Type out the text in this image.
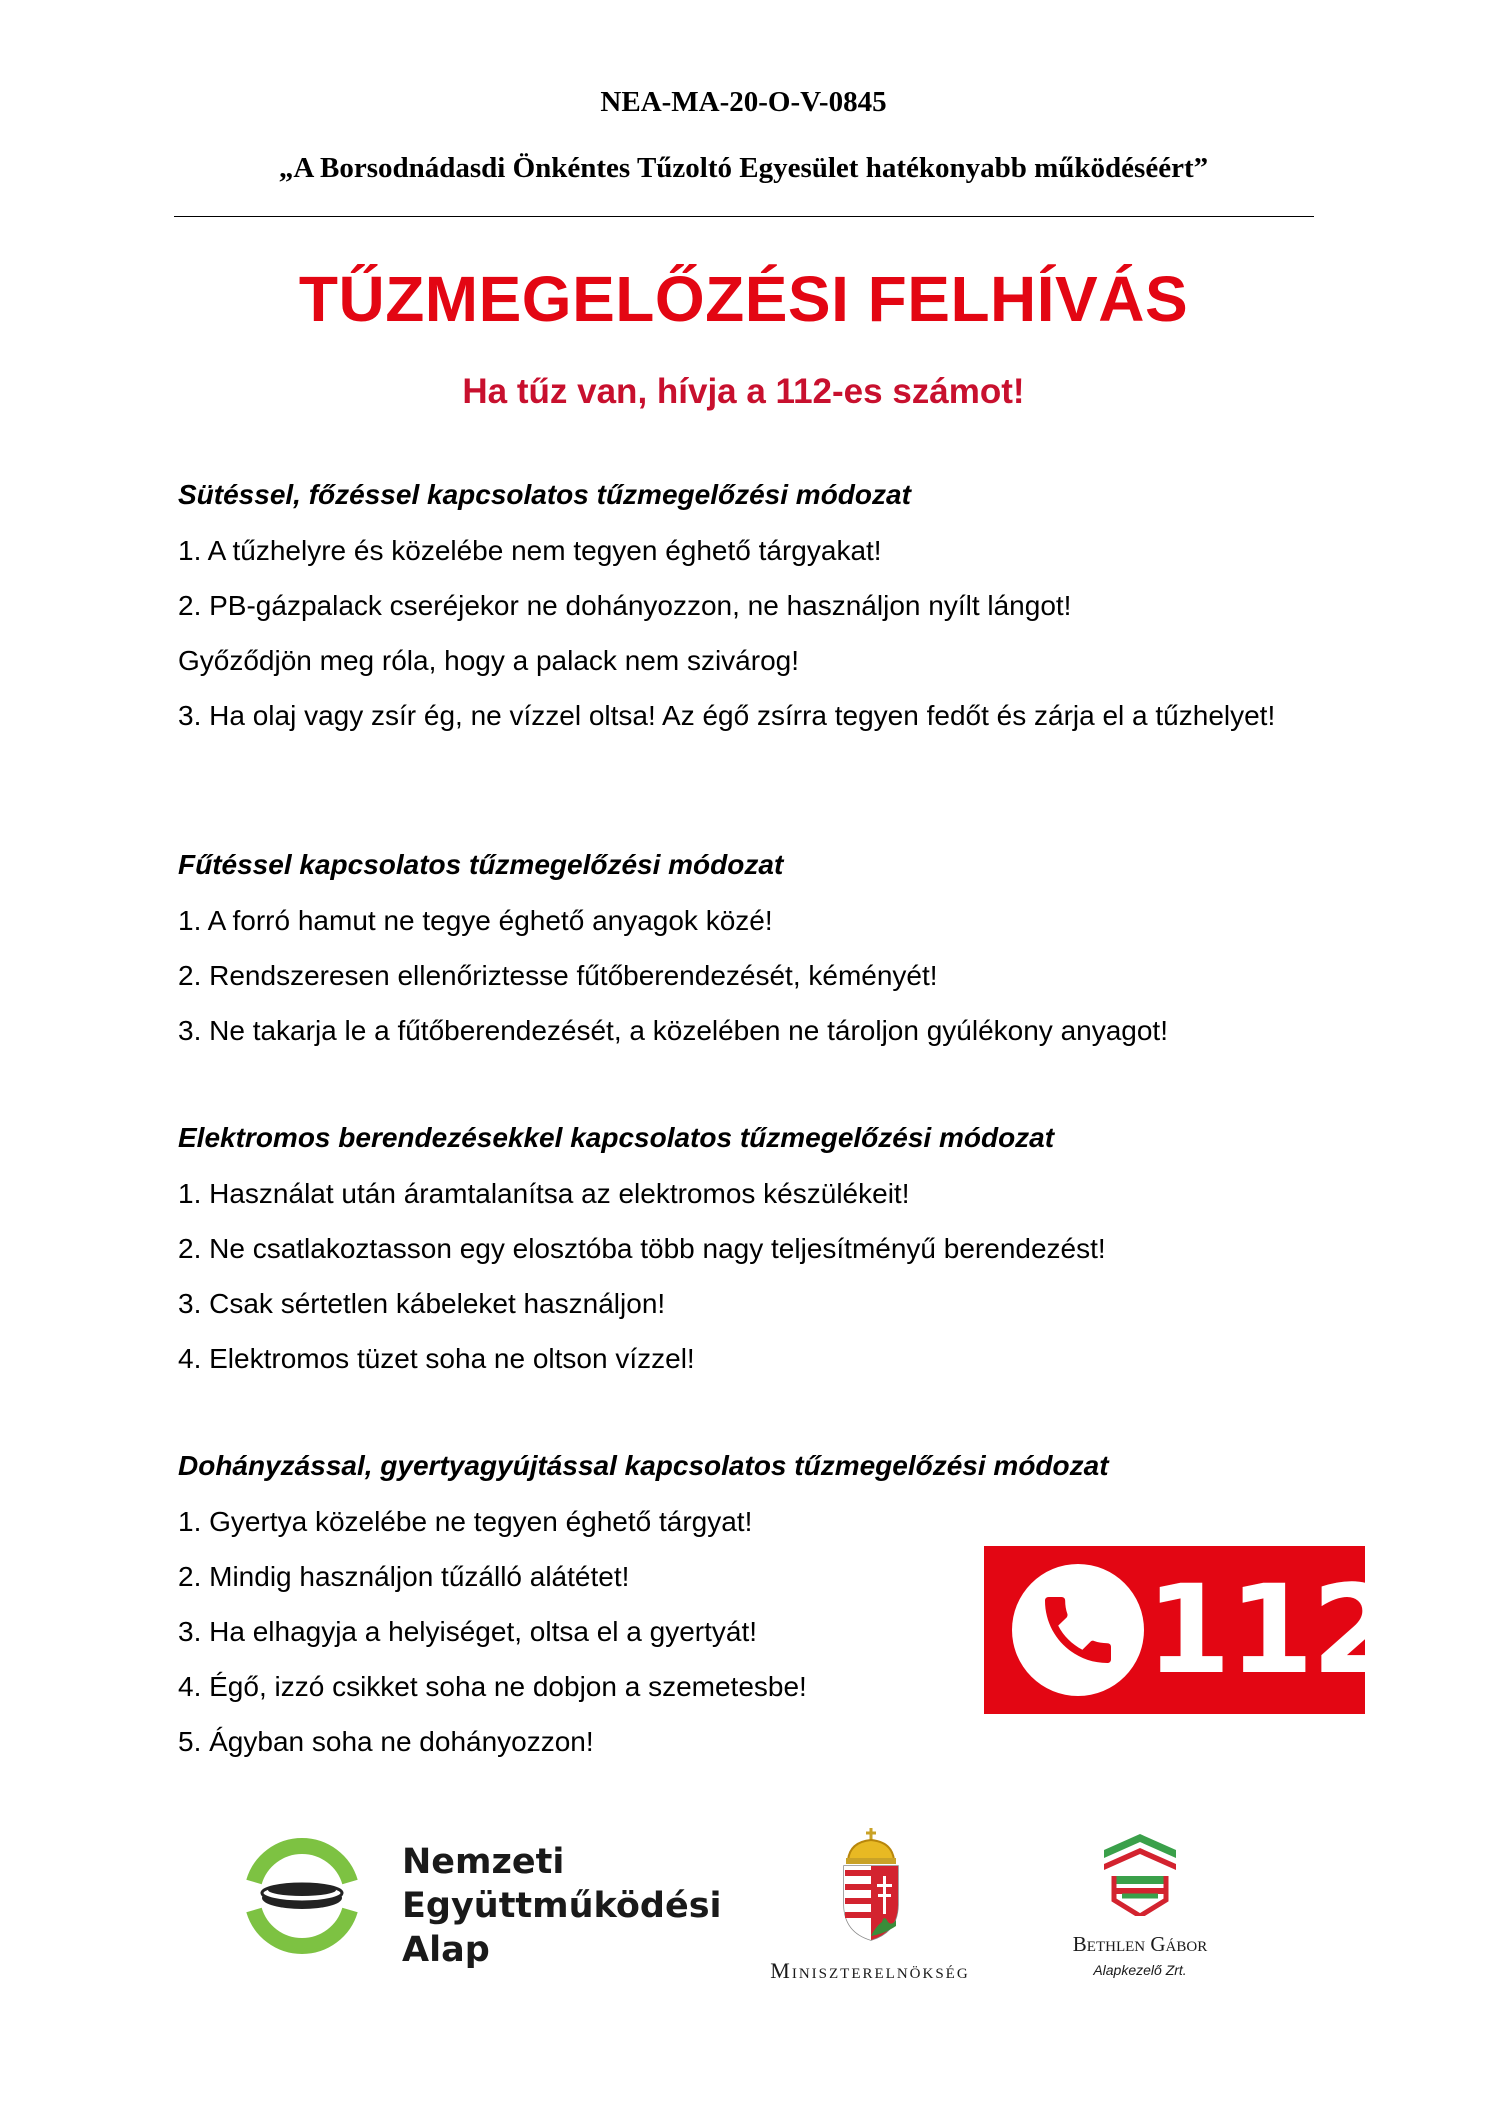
NEA-MA-20-O-V-0845
„A Borsodnádasdi Önkéntes Tűzoltó Egyesület hatékonyabb működéséért”
TŰZMEGELŐZÉSI FELHÍVÁS
Ha tűz van, hívja a 112-es számot!

Sütéssel, főzéssel kapcsolatos tűzmegelőzési módozat

1. A tűzhelyre és közelébe nem tegyen éghető tárgyakat!

2. PB-gázpalack cseréjekor ne dohányozzon, ne használjon nyílt lángot!

Győződjön meg róla, hogy a palack nem szivárog!

3. Ha olaj vagy zsír ég, ne vízzel oltsa! Az égő zsírra tegyen fedőt és zárja el a tűzhelyet!

Fűtéssel kapcsolatos tűzmegelőzési módozat

1. A forró hamut ne tegye éghető anyagok közé!

2. Rendszeresen ellenőriztesse fűtőberendezését, kéményét!

3. Ne takarja le a fűtőberendezését, a közelében ne tároljon gyúlékony anyagot!

Elektromos berendezésekkel kapcsolatos tűzmegelőzési módozat

1. Használat után áramtalanítsa az elektromos készülékeit!

2. Ne csatlakoztasson egy elosztóba több nagy teljesítményű berendezést!

3. Csak sértetlen kábeleket használjon!

4. Elektromos tüzet soha ne oltson vízzel!

Dohányzással, gyertyagyújtással kapcsolatos tűzmegelőzési módozat

1. Gyertya közelébe ne tegyen éghető tárgyat!

2. Mindig használjon tűzálló alátétet!

3. Ha elhagyja a helyiséget, oltsa el a gyertyát!

4. Égő, izzó csikket soha ne dobjon a szemetesbe!

5. Ágyban soha ne dohányozzon!

112
Nemzeti
Együttműködési
Alap
Miniszterelnökség
Bethlen Gábor
Alapkezelő Zrt.
